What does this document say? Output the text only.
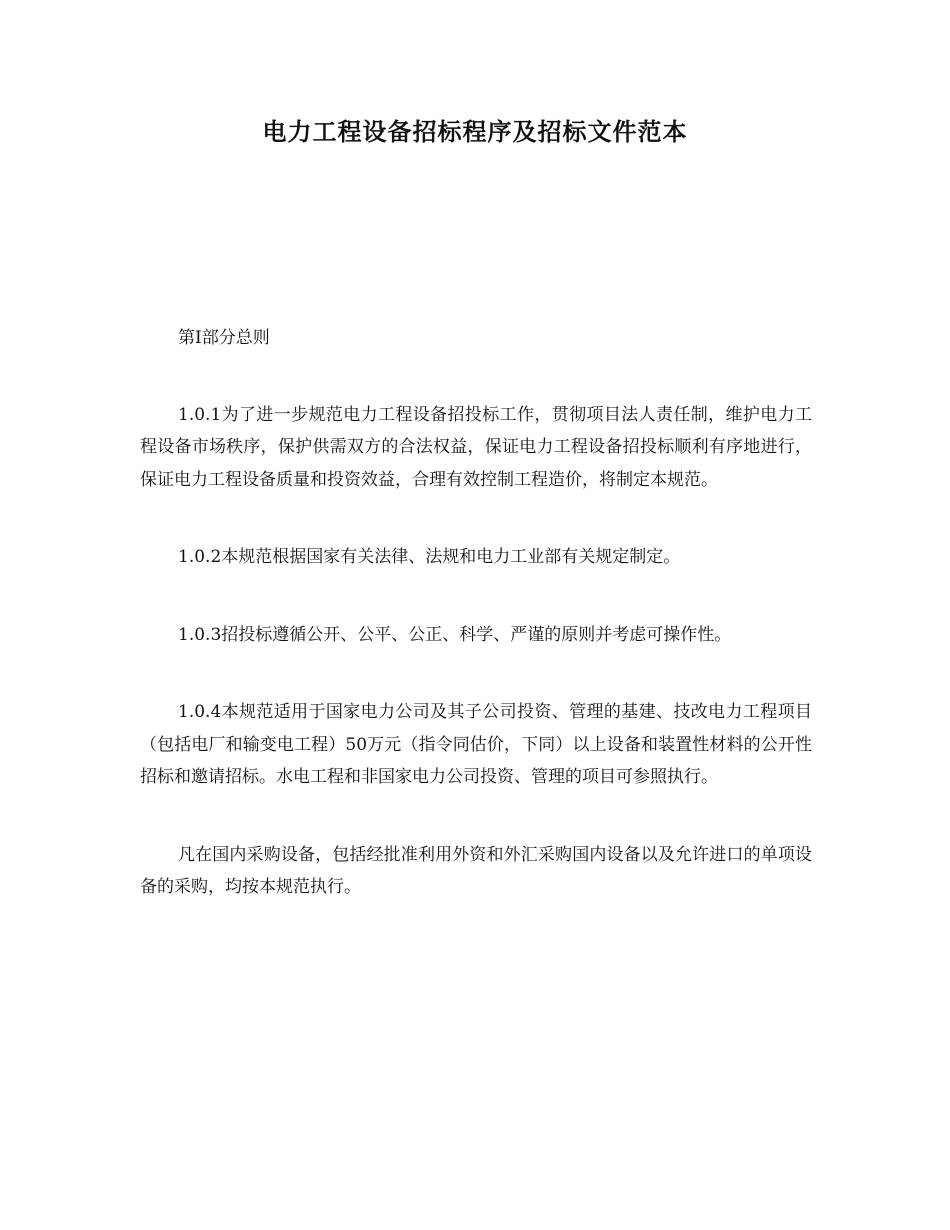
电力工程设备招标程序及招标文件范本

第I部分总则

1.0.1为了进一步规范电力工程设备招投标工作，贯彻项目法人责任制，维护电力工程设备市场秩序，保护供需双方的合法权益，保证电力工程设备招投标顺利有序地进行，保证电力工程设备质量和投资效益，合理有效控制工程造价，将制定本规范。

1.0.2本规范根据国家有关法律、法规和电力工业部有关规定制定。

1.0.3招投标遵循公开、公平、公正、科学、严谨的原则并考虑可操作性。

1.0.4本规范适用于国家电力公司及其子公司投资、管理的基建、技改电力工程项目（包括电厂和输变电工程）50万元（指令同估价，下同）以上设备和装置性材料的公开性招标和邀请招标。水电工程和非国家电力公司投资、管理的项目可参照执行。

凡在国内采购设备，包括经批准利用外资和外汇采购国内设备以及允许进口的单项设备的采购，均按本规范执行。
